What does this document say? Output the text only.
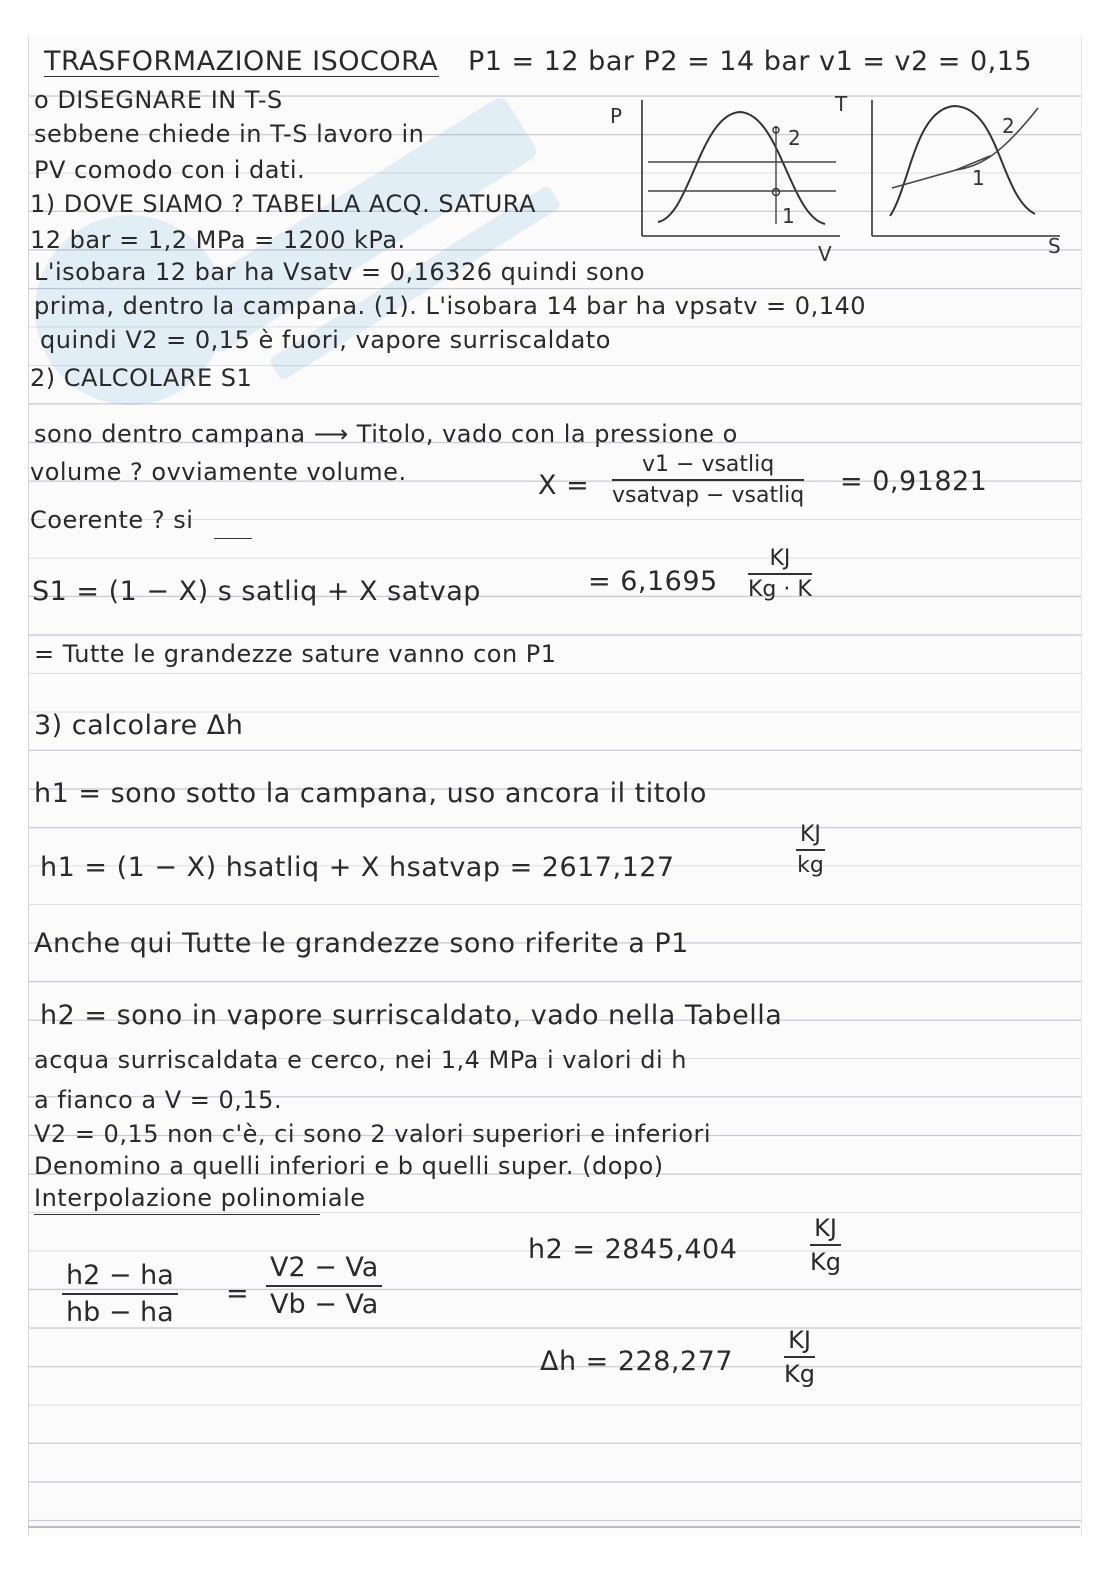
TRASFORMAZIONE ISOCORA P1 = 12 bar P2 = 14 bar v1 = v2 = 0,15
o DISEGNARE IN T-S
sebbene chiede in T-S lavoro in
PV comodo con i dati.
1) DOVE SIAMO ? TABELLA ACQ. SATURA
12 bar = 1,2 MPa = 1200 kPa.
P
V
2
1
T
S
2
1
L'isobara 12 bar ha Vsatv = 0,16326 quindi sono
prima, dentro la campana. (1). L'isobara 14 bar ha vpsatv = 0,140
quindi V2 = 0,15 è fuori, vapore surriscaldato
2) CALCOLARE S1
sono dentro campana ⟶ Titolo, vado con la pressione o
volume ? ovviamente volume.
Coerente ? si
X =
v1 − vsatliq
vsatvap − vsatliq = 0,91821
S1 = (1 − X) s satliq + X satvap	= $6,1695 \frac{KJ}{Kg \cdot K}$
= Tutte le grandezze sature vanno con P1
3) calcolare Δh
h1 = sono sotto la campana, uso ancora il titolo
h1 = (1 − X) hsatliq + X hsatvap = 2617,127	$\frac{KJ}{kg}$
Anche qui Tutte le grandezze sono riferite a P1
h2 = sono in vapore surriscaldato, vado nella Tabella
acqua surriscaldata e cerco, nei 1,4 MPa i valori di h
a fianco a V = 0,15.
V2 = 0,15 non c'è, ci sono 2 valori superiori e inferiori
Denomino a quelli inferiori e b quelli super. (dopo)
Interpolazione polinomiale
$\frac{h2 - ha}{hb - ha} = \frac{V2 - Va}{Vb - Va}$
h2 = 2845,404	$\frac{KJ}{Kg}$
$\Delta h = 228,277 \frac{KJ}{Kg}$
